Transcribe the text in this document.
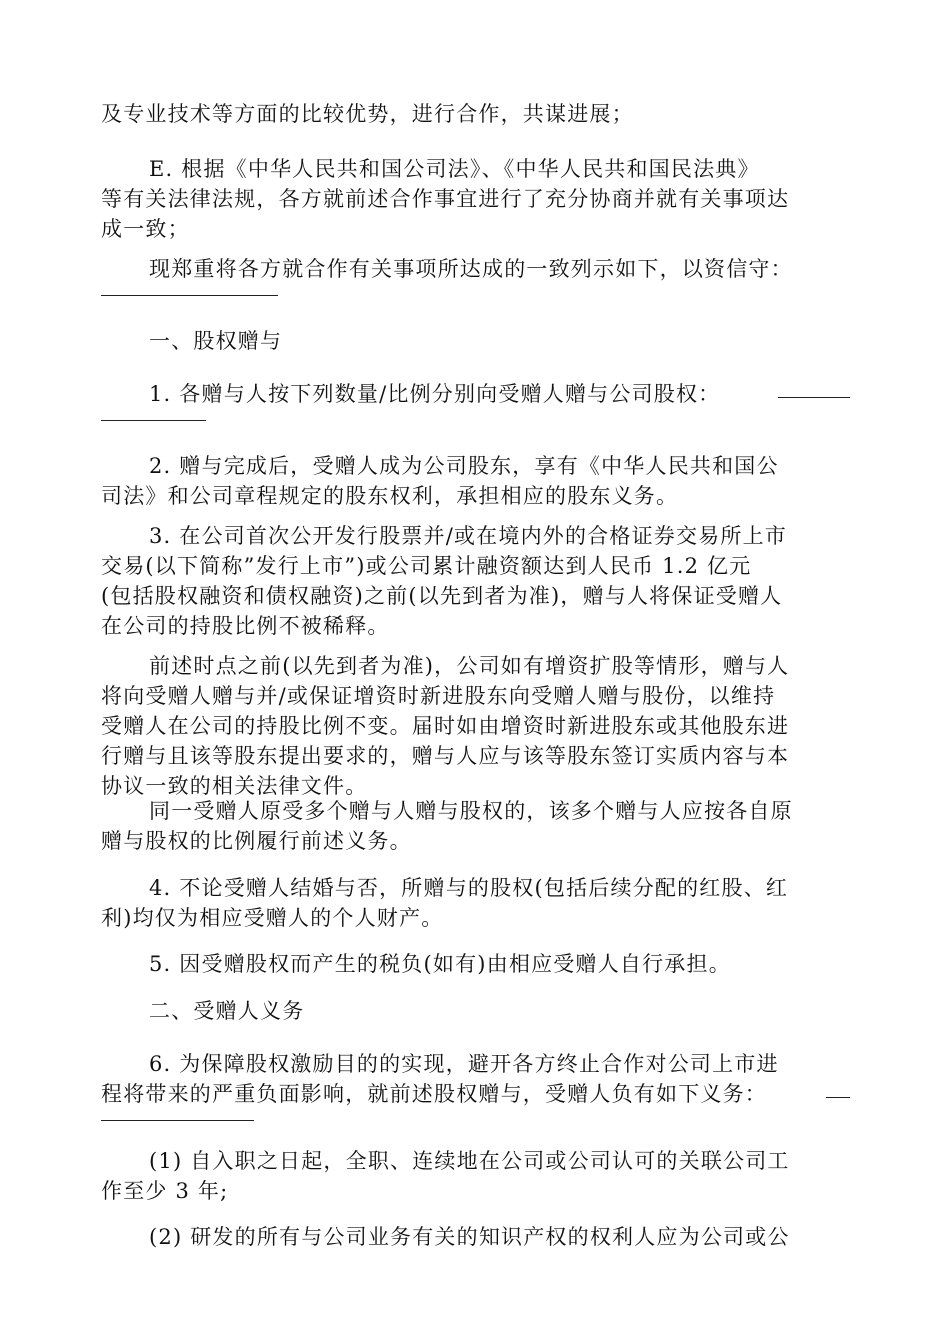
及专业技术等方面的比较优势，进行合作，共谋进展；
E. 根据《中华人民共和国公司法》、《中华人民共和国民法典》
等有关法律法规，各方就前述合作事宜进行了充分协商并就有关事项达
成一致；
现郑重将各方就合作有关事项所达成的一致列示如下，以资信守：
一、股权赠与
1. 各赠与人按下列数量/比例分别向受赠人赠与公司股权：
2. 赠与完成后，受赠人成为公司股东，享有《中华人民共和国公
司法》和公司章程规定的股东权利，承担相应的股东义务。
3. 在公司首次公开发行股票并/或在境内外的合格证券交易所上市
交易(以下简称”发行上市”)或公司累计融资额达到人民币 1.2 亿元
(包括股权融资和债权融资)之前(以先到者为准)，赠与人将保证受赠人
在公司的持股比例不被稀释。
前述时点之前(以先到者为准)，公司如有增资扩股等情形，赠与人
将向受赠人赠与并/或保证增资时新进股东向受赠人赠与股份，以维持
受赠人在公司的持股比例不变。届时如由增资时新进股东或其他股东进
行赠与且该等股东提出要求的，赠与人应与该等股东签订实质内容与本
协议一致的相关法律文件。
同一受赠人原受多个赠与人赠与股权的，该多个赠与人应按各自原
赠与股权的比例履行前述义务。
4. 不论受赠人结婚与否，所赠与的股权(包括后续分配的红股、红
利)均仅为相应受赠人的个人财产。
5. 因受赠股权而产生的税负(如有)由相应受赠人自行承担。
二、受赠人义务
6. 为保障股权激励目的的实现，避开各方终止合作对公司上市进
程将带来的严重负面影响，就前述股权赠与，受赠人负有如下义务：
(1) 自入职之日起，全职、连续地在公司或公司认可的关联公司工
作至少 3 年;
(2) 研发的所有与公司业务有关的知识产权的权利人应为公司或公
